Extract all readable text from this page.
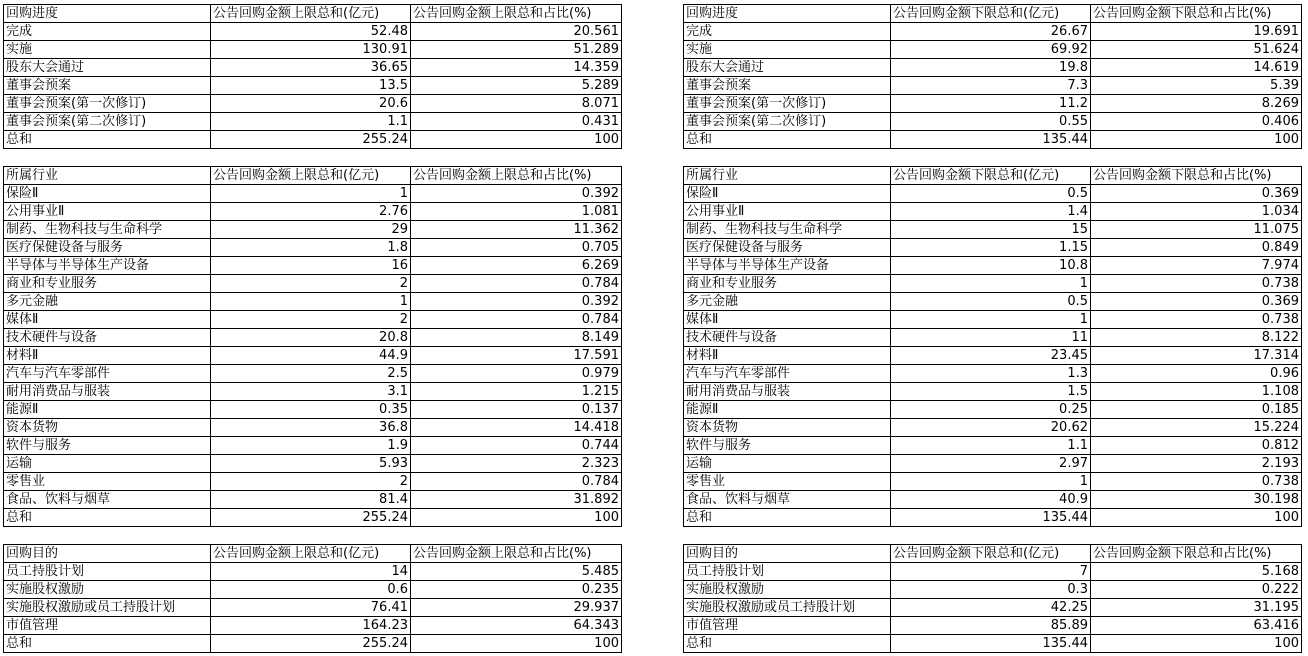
回购进度	公告回购金额上限总和(亿元)	公告回购金额上限总和占比(%)
完成	52.48	20.561
实施	130.91	51.289
股东大会通过	36.65	14.359
董事会预案	13.5	5.289
董事会预案(第一次修订)	20.6	8.071
董事会预案(第二次修订)	1.1	0.431
总和	255.24	100
回购进度	公告回购金额下限总和(亿元)	公告回购金额下限总和占比(%)
完成	26.67	19.691
实施	69.92	51.624
股东大会通过	19.8	14.619
董事会预案	7.3	5.39
董事会预案(第一次修订)	11.2	8.269
董事会预案(第二次修订)	0.55	0.406
总和	135.44	100
所属行业	公告回购金额上限总和(亿元)	公告回购金额上限总和占比(%)
保险Ⅱ	1	0.392
公用事业Ⅱ	2.76	1.081
制药、生物科技与生命科学	29	11.362
医疗保健设备与服务	1.8	0.705
半导体与半导体生产设备	16	6.269
商业和专业服务	2	0.784
多元金融	1	0.392
媒体Ⅱ	2	0.784
技术硬件与设备	20.8	8.149
材料Ⅱ	44.9	17.591
汽车与汽车零部件	2.5	0.979
耐用消费品与服装	3.1	1.215
能源Ⅱ	0.35	0.137
资本货物	36.8	14.418
软件与服务	1.9	0.744
运输	5.93	2.323
零售业	2	0.784
食品、饮料与烟草	81.4	31.892
总和	255.24	100
所属行业	公告回购金额下限总和(亿元)	公告回购金额下限总和占比(%)
保险Ⅱ	0.5	0.369
公用事业Ⅱ	1.4	1.034
制药、生物科技与生命科学	15	11.075
医疗保健设备与服务	1.15	0.849
半导体与半导体生产设备	10.8	7.974
商业和专业服务	1	0.738
多元金融	0.5	0.369
媒体Ⅱ	1	0.738
技术硬件与设备	11	8.122
材料Ⅱ	23.45	17.314
汽车与汽车零部件	1.3	0.96
耐用消费品与服装	1.5	1.108
能源Ⅱ	0.25	0.185
资本货物	20.62	15.224
软件与服务	1.1	0.812
运输	2.97	2.193
零售业	1	0.738
食品、饮料与烟草	40.9	30.198
总和	135.44	100
回购目的	公告回购金额上限总和(亿元)	公告回购金额上限总和占比(%)
员工持股计划	14	5.485
实施股权激励	0.6	0.235
实施股权激励或员工持股计划	76.41	29.937
市值管理	164.23	64.343
总和	255.24	100
回购目的	公告回购金额下限总和(亿元)	公告回购金额下限总和占比(%)
员工持股计划	7	5.168
实施股权激励	0.3	0.222
实施股权激励或员工持股计划	42.25	31.195
市值管理	85.89	63.416
总和	135.44	100
